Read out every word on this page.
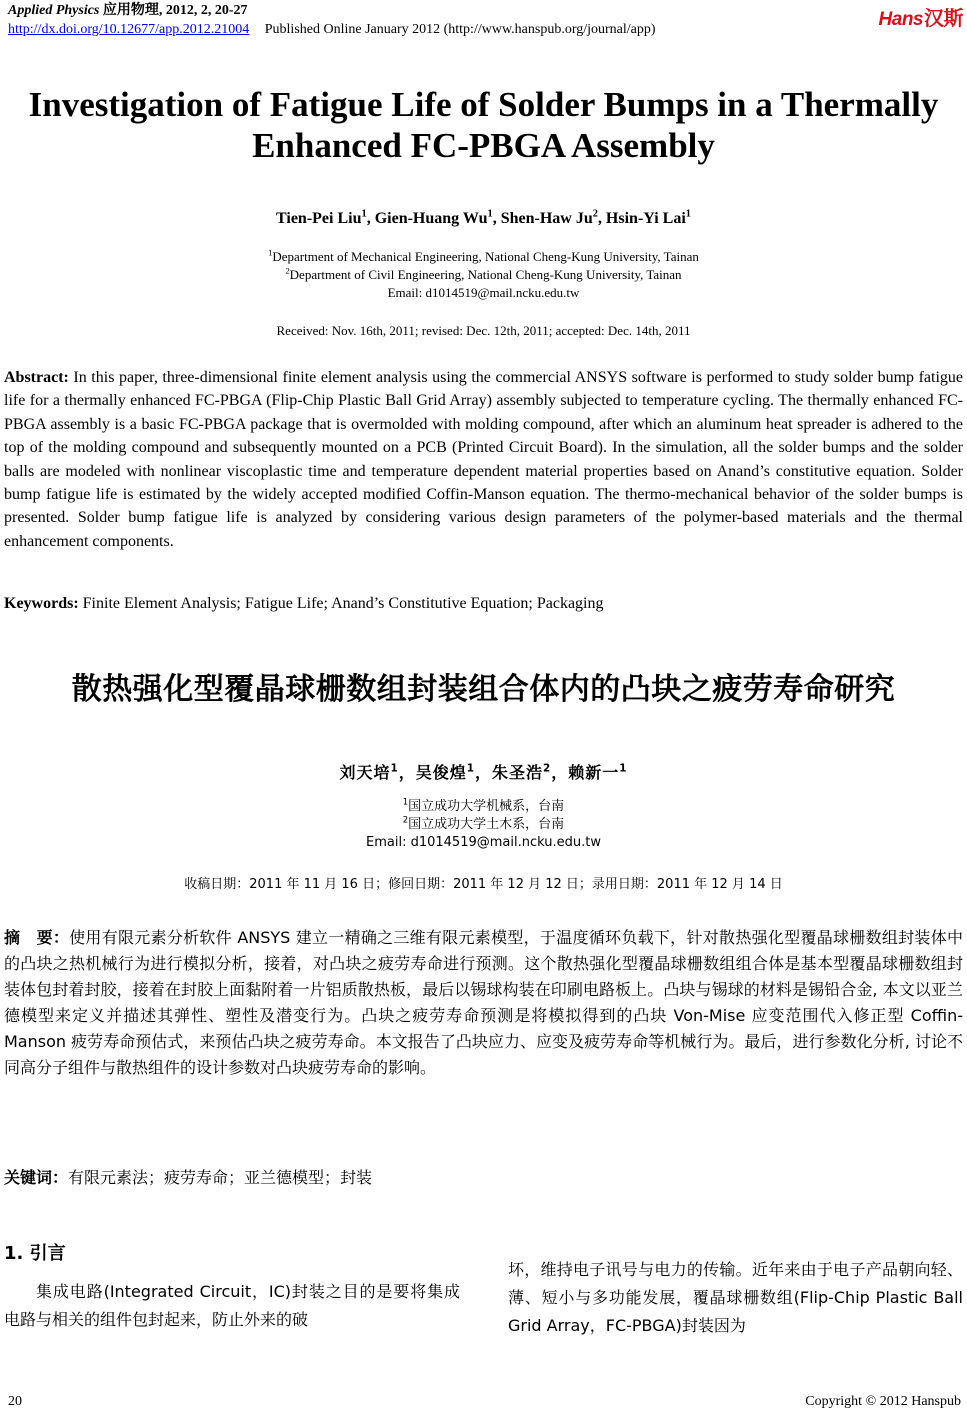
Applied Physics 应用物理, 2012, 2, 20-27
http://dx.doi.org/10.12677/app.2012.21004 Published Online January 2012 (http://www.hanspub.org/journal/app)	Hans汉斯
Investigation of Fatigue Life of Solder Bumps in a Thermally
Enhanced FC-PBGA Assembly
Tien-Pei Liu$^1$, Gien-Huang Wu$^1$, Shen-Haw Ju$^2$, Hsin-Yi Lai$^1$
$^1$Department of Mechanical Engineering, National Cheng-Kung University, Tainan
$^2$Department of Civil Engineering, National Cheng-Kung University, Tainan
Email: d1014519@mail.ncku.edu.tw
Received: Nov. 16th, 2011; revised: Dec. 12th, 2011; accepted: Dec. 14th, 2011
Abstract: In this paper, three-dimensional finite element analysis using the commercial ANSYS software is performed to study solder bump fatigue life for a thermally enhanced FC-PBGA (Flip-Chip Plastic Ball Grid Array) assembly subjected to temperature cycling. The thermally enhanced FC-PBGA assembly is a basic FC-PBGA package that is overmolded with molding compound, after which an aluminum heat spreader is adhered to the top of the molding compound and subsequently mounted on a PCB (Printed Circuit Board). In the simulation, all the solder bumps and the solder balls are modeled with nonlinear viscoplastic time and temperature dependent material properties based on Anand’s constitutive equation. Solder bump fatigue life is estimated by the widely accepted modified Coffin-Manson equation. The thermo-mechanical behavior of the solder bumps is presented. Solder bump fatigue life is analyzed by considering various design parameters of the polymer-based materials and the thermal enhancement components.
Keywords: Finite Element Analysis; Fatigue Life; Anand’s Constitutive Equation; Packaging
散热强化型覆晶球栅数组封装组合体内的凸块之疲劳寿命研究
刘天培$^1$，吴俊煌$^1$，朱圣浩$^2$，赖新一$^1$
$^1$国立成功大学机械系，台南
$^2$国立成功大学土木系，台南
Email: d1014519@mail.ncku.edu.tw
收稿日期：2011 年 11 月 16 日；修回日期：2011 年 12 月 12 日；录用日期：2011 年 12 月 14 日
摘　要：使用有限元素分析软件 ANSYS 建立一精确之三维有限元素模型，于温度循环负载下，针对散热强化型覆晶球栅数组封装体中的凸块之热机械行为进行模拟分析，接着，对凸块之疲劳寿命进行预测。这个散热强化型覆晶球栅数组组合体是基本型覆晶球栅数组封装体包封着封胶，接着在封胶上面黏附着一片铝质散热板，最后以锡球构装在印刷电路板上。凸块与锡球的材料是锡铅合金, 本文以亚兰德模型来定义并描述其弹性、塑性及潜变行为。凸块之疲劳寿命预测是将模拟得到的凸块 Von-Mise 应变范围代入修正型 Coffin-Manson 疲劳寿命预估式，来预估凸块之疲劳寿命。本文报告了凸块应力、应变及疲劳寿命等机械行为。最后，进行参数化分析, 讨论不同高分子组件与散热组件的设计参数对凸块疲劳寿命的影响。
关键词：有限元素法；疲劳寿命；亚兰德模型；封装
1. 引言
集成电路(Integrated Circuit，IC)封装之目的是要将集成电路与相关的组件包封起来，防止外来的破
坏，维持电子讯号与电力的传输。近年来由于电子产品朝向轻、薄、短小与多功能发展，覆晶球栅数组(Flip-Chip Plastic Ball Grid Array，FC-PBGA)封装因为
20	Copyright © 2012 Hanspub
